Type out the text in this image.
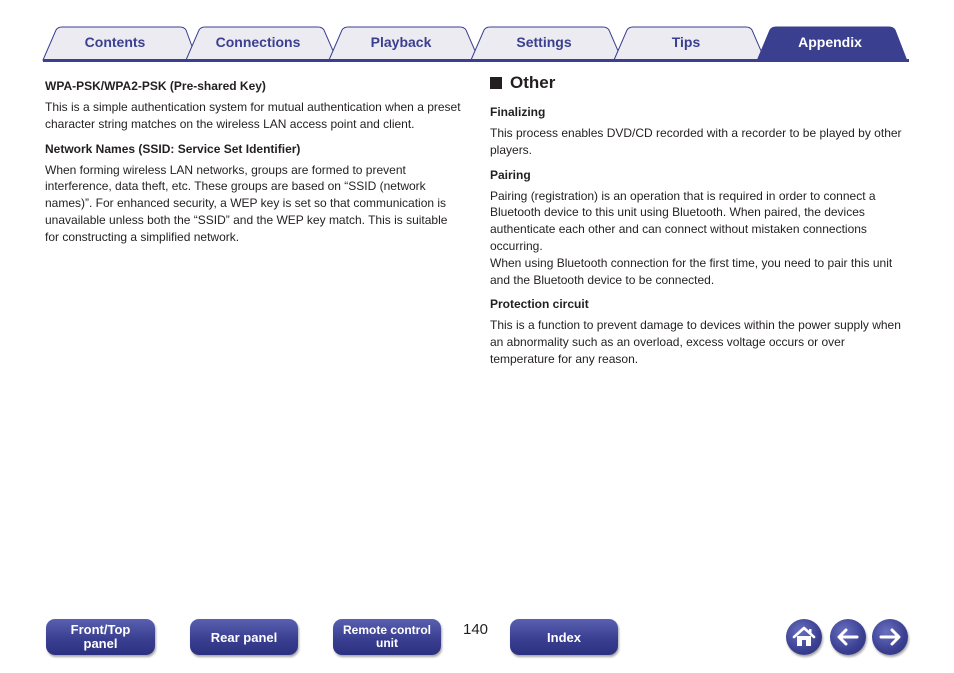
Contents	Connections	Playback	Settings	Tips	Appendix
WPA-PSK/WPA2-PSK (Pre-shared Key)

This is a simple authentication system for mutual authentication when a preset character string matches on the wireless LAN access point and client.

Network Names (SSID: Service Set Identifier)

When forming wireless LAN networks, groups are formed to prevent interference, data theft, etc. These groups are based on “SSID (network names)”. For enhanced security, a WEP key is set so that communication is unavailable unless both the “SSID” and the WEP key match. This is suitable for constructing a simplified network.

Other
Finalizing

This process enables DVD/CD recorded with a recorder to be played by other players.

Pairing

Pairing (registration) is an operation that is required in order to connect a Bluetooth device to this unit using Bluetooth. When paired, the devices authenticate each other and can connect without mistaken connections occurring.

When using Bluetooth connection for the first time, you need to pair this unit and the Bluetooth device to be connected.

Protection circuit

This is a function to prevent damage to devices within the power supply when an abnormality such as an overload, excess voltage occurs or over temperature for any reason.

Front/Top
panel	Rear panel	Remote control
unit
140	Index
